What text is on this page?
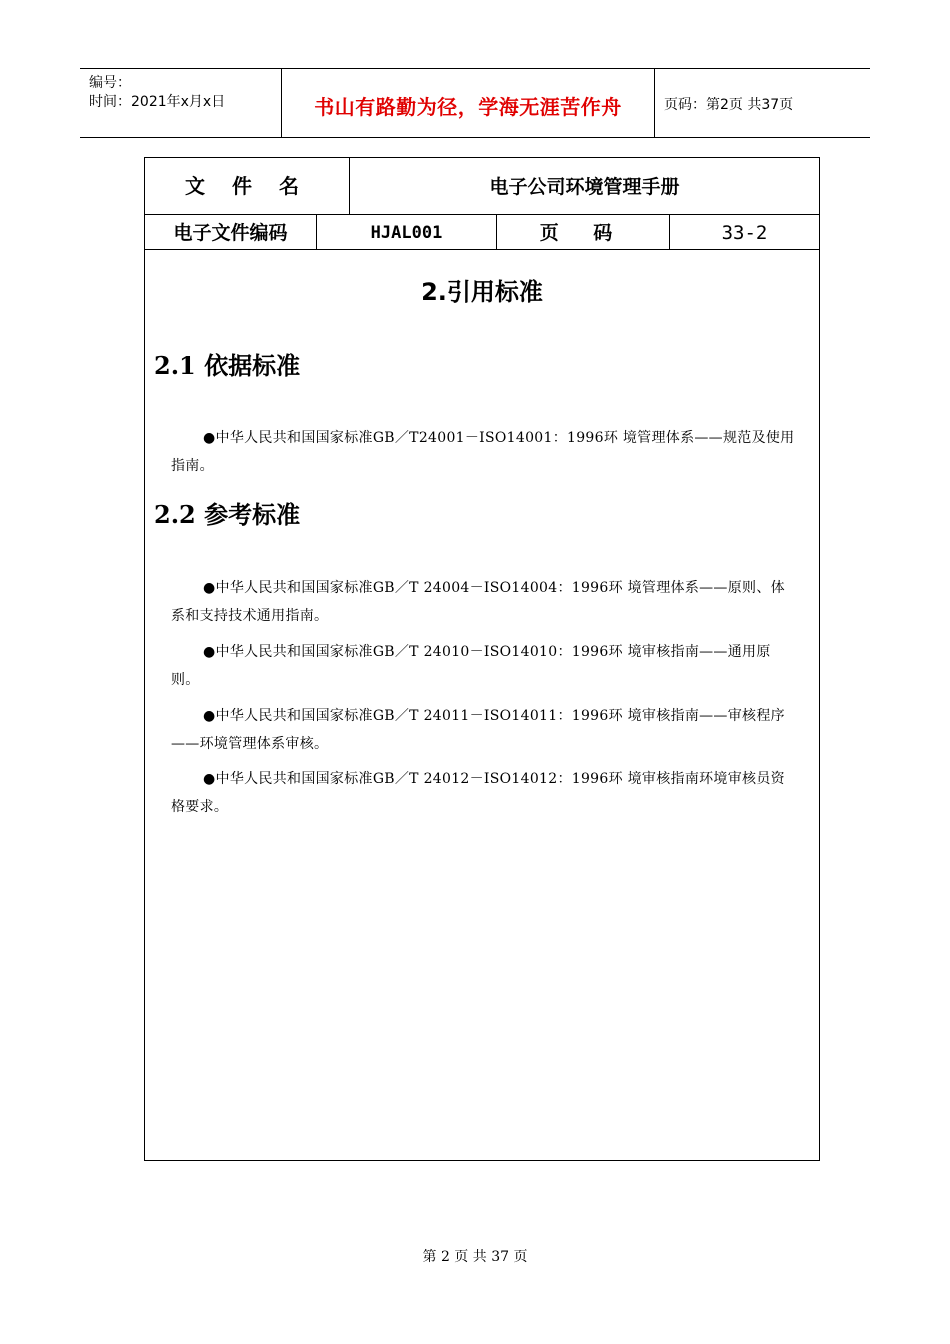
编号：
时间：2021年x月x日	书山有路勤为径，学海无涯苦作舟	页码：第2页 共37页
文 件 名	电子公司环境管理手册
电子文件编码	HJAL001	页 码	33-2
2.引用标准
2.1 依据标准
●中华人民共和国国家标准GB／T24001－ISO14001：1996环 境管理体系——规范及使用指南。
2.2 参考标准
●中华人民共和国国家标准GB／T 24004－ISO14004：1996环 境管理体系——原则、体系和支持技术通用指南。
●中华人民共和国国家标准GB／T 24010－ISO14010：1996环 境审核指南——通用原则。
●中华人民共和国国家标准GB／T 24011－ISO14011：1996环 境审核指南——审核程序——环境管理体系审核。
●中华人民共和国国家标准GB／T 24012－ISO14012：1996环 境审核指南环境审核员资格要求。
第 2 页 共 37 页
